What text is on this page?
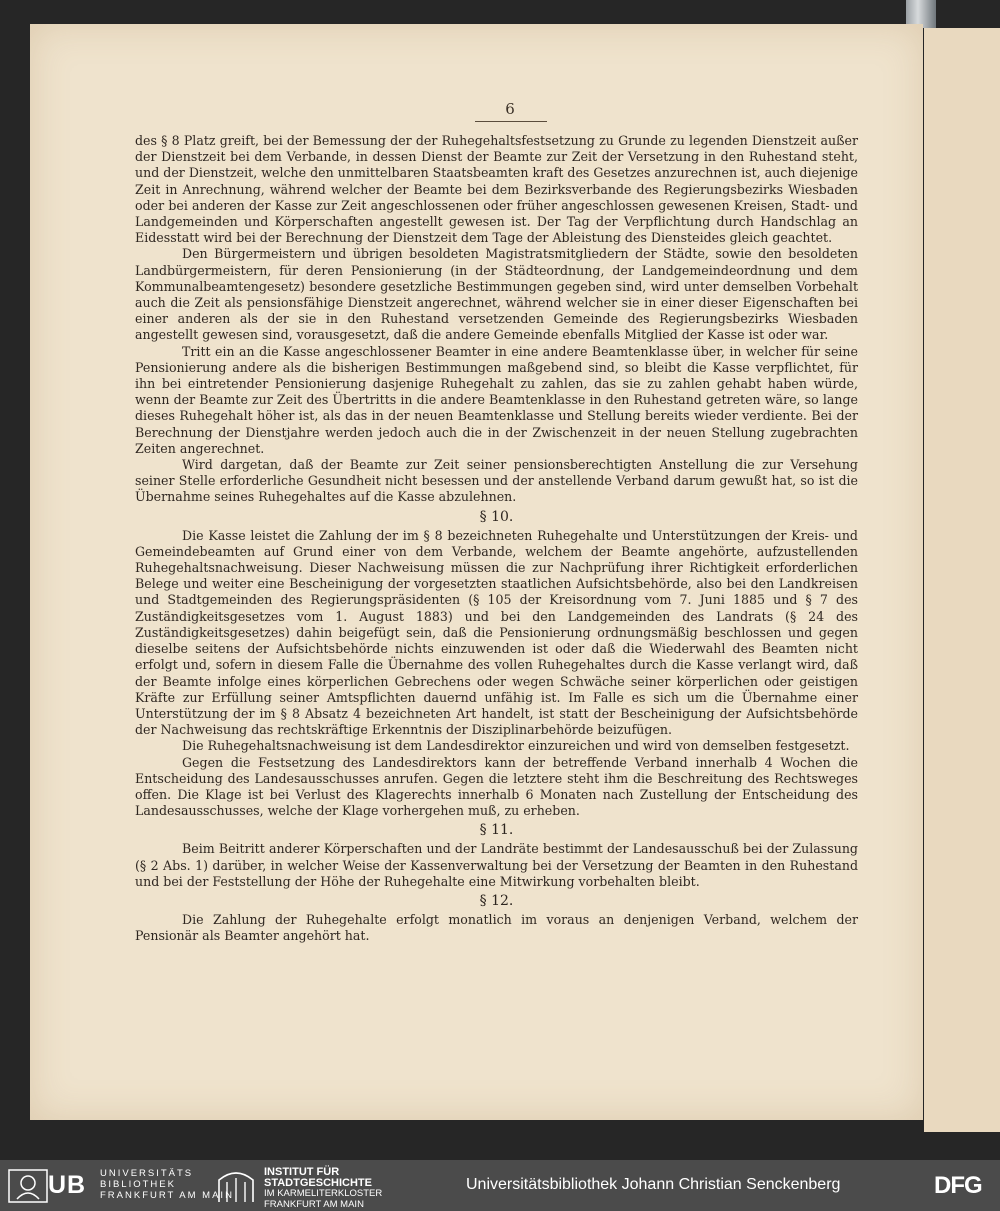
6

des § 8 Platz greift, bei der Bemessung der der Ruhegehaltsfestsetzung zu Grunde zu legenden Dienstzeit außer der Dienstzeit bei dem Verbande, in dessen Dienst der Beamte zur Zeit der Versetzung in den Ruhestand steht, und der Dienstzeit, welche den unmittelbaren Staatsbeamten kraft des Gesetzes anzurechnen ist, auch diejenige Zeit in Anrechnung, während welcher der Beamte bei dem Bezirksverbande des Regierungsbezirks Wiesbaden oder bei anderen der Kasse zur Zeit angeschlossenen oder früher angeschlossen gewesenen Kreisen, Stadt- und Landgemeinden und Körperschaften angestellt gewesen ist. Der Tag der Verpflichtung durch Handschlag an Eidesstatt wird bei der Berechnung der Dienstzeit dem Tage der Ableistung des Diensteides gleich geachtet.

Den Bürgermeistern und übrigen besoldeten Magistratsmitgliedern der Städte, sowie den besoldeten Landbürgermeistern, für deren Pensionierung (in der Städteordnung, der Landgemeindeordnung und dem Kommunalbeamtengesetz) besondere gesetzliche Bestimmungen gegeben sind, wird unter demselben Vorbehalt auch die Zeit als pensionsfähige Dienstzeit angerechnet, während welcher sie in einer dieser Eigenschaften bei einer anderen als der sie in den Ruhestand versetzenden Gemeinde des Regierungsbezirks Wiesbaden angestellt gewesen sind, vorausgesetzt, daß die andere Gemeinde ebenfalls Mitglied der Kasse ist oder war.

Tritt ein an die Kasse angeschlossener Beamter in eine andere Beamtenklasse über, in welcher für seine Pensionierung andere als die bisherigen Bestimmungen maßgebend sind, so bleibt die Kasse verpflichtet, für ihn bei eintretender Pensionierung dasjenige Ruhegehalt zu zahlen, das sie zu zahlen gehabt haben würde, wenn der Beamte zur Zeit des Übertritts in die andere Beamtenklasse in den Ruhestand getreten wäre, so lange dieses Ruhegehalt höher ist, als das in der neuen Beamtenklasse und Stellung bereits wieder verdiente. Bei der Berechnung der Dienstjahre werden jedoch auch die in der Zwischenzeit in der neuen Stellung zugebrachten Zeiten angerechnet.

Wird dargetan, daß der Beamte zur Zeit seiner pensionsberechtigten Anstellung die zur Versehung seiner Stelle erforderliche Gesundheit nicht besessen und der anstellende Verband darum gewußt hat, so ist die Übernahme seines Ruhegehaltes auf die Kasse abzulehnen.

§ 10.

Die Kasse leistet die Zahlung der im § 8 bezeichneten Ruhegehalte und Unterstützungen der Kreis- und Gemeindebeamten auf Grund einer von dem Verbande, welchem der Beamte angehörte, aufzustellenden Ruhegehaltsnachweisung. Dieser Nachweisung müssen die zur Nachprüfung ihrer Richtigkeit erforderlichen Belege und weiter eine Bescheinigung der vorgesetzten staatlichen Aufsichtsbehörde, also bei den Landkreisen und Stadtgemeinden des Regierungspräsidenten (§ 105 der Kreisordnung vom 7. Juni 1885 und § 7 des Zuständigkeitsgesetzes vom 1. August 1883) und bei den Landgemeinden des Landrats (§ 24 des Zuständigkeitsgesetzes) dahin beigefügt sein, daß die Pensionierung ordnungsmäßig beschlossen und gegen dieselbe seitens der Aufsichtsbehörde nichts einzuwenden ist oder daß die Wiederwahl des Beamten nicht erfolgt und, sofern in diesem Falle die Übernahme des vollen Ruhegehaltes durch die Kasse verlangt wird, daß der Beamte infolge eines körperlichen Gebrechens oder wegen Schwäche seiner körperlichen oder geistigen Kräfte zur Erfüllung seiner Amtspflichten dauernd unfähig ist. Im Falle es sich um die Übernahme einer Unterstützung der im § 8 Absatz 4 bezeichneten Art handelt, ist statt der Bescheinigung der Aufsichtsbehörde der Nachweisung das rechtskräftige Erkenntnis der Disziplinarbehörde beizufügen.

Die Ruhegehaltsnachweisung ist dem Landesdirektor einzureichen und wird von demselben festgesetzt.

Gegen die Festsetzung des Landesdirektors kann der betreffende Verband innerhalb 4 Wochen die Entscheidung des Landesausschusses anrufen. Gegen die letztere steht ihm die Beschreitung des Rechtsweges offen. Die Klage ist bei Verlust des Klagerechts innerhalb 6 Monaten nach Zustellung der Entscheidung des Landesausschusses, welche der Klage vorhergehen muß, zu erheben.

§ 11.

Beim Beitritt anderer Körperschaften und der Landräte bestimmt der Landesausschuß bei der Zulassung (§ 2 Abs. 1) darüber, in welcher Weise der Kassenverwaltung bei der Versetzung der Beamten in den Ruhestand und bei der Feststellung der Höhe der Ruhegehalte eine Mitwirkung vorbehalten bleibt.

§ 12.

Die Zahlung der Ruhegehalte erfolgt monatlich im voraus an denjenigen Verband, welchem der Pensionär als Beamter angehört hat.

UB UNIVERSITÄTS
BIBLIOTHEK
FRANKFURT AM MAIN
INSTITUT FÜR
STADTGESCHICHTE
IM KARMELITERKLOSTER
FRANKFURT AM MAIN
Universitätsbibliothek Johann Christian Senckenberg	DFG
